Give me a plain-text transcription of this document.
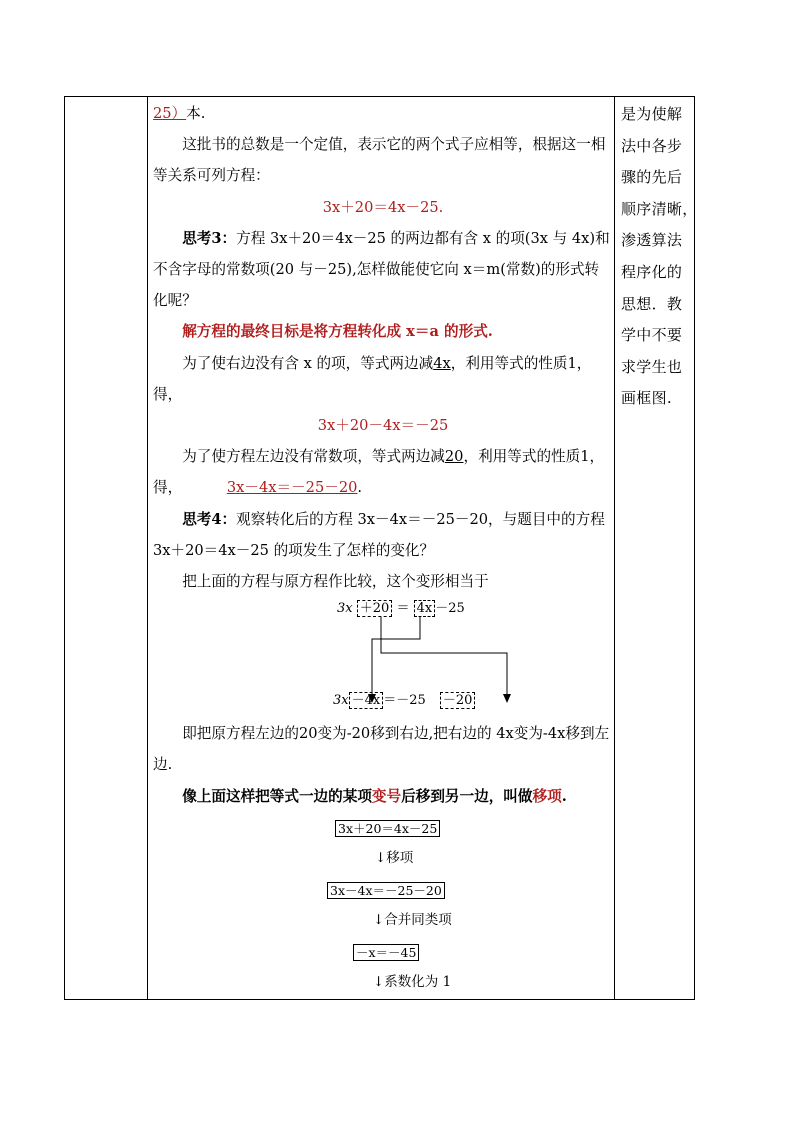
25）本.

这批书的总数是一个定值，表示它的两个式子应相等，根据这一相等关系可列方程：

3x＋20＝4x－25.

思考3：方程 3x＋20＝4x－25 的两边都有含 x 的项(3x 与 4x)和不含字母的常数项(20 与－25),怎样做能使它向 x＝m(常数)的形式转化呢？

解方程的最终目标是将方程转化成 x＝a 的形式.

为了使右边没有含 x 的项，等式两边减4x，利用等式的性质1，得，

3x＋20－4x＝－25

为了使方程左边没有常数项，等式两边减20，利用等式的性质1，得，	3x－4x＝－25－20.

思考4：观察转化后的方程 3x－4x＝－25－20，与题目中的方程 3x＋20＝4x－25 的项发生了怎样的变化？

把上面的方程与原方程作比较，这个变形相当于

3x ＋20 ＝ 4x －25
3x －4x ＝－25 －20

即把原方程左边的20变为-20移到右边,把右边的 4x变为-4x移到左边.

像上面这样把等式一边的某项变号后移到另一边，叫做移项.

3x＋20＝4x－25
↓移项
3x－4x＝－25－20
↓合并同类项
－x＝－45
↓系数化为 1
是为使解
法中各步
骤的先后
顺序清晰，
渗透算法
程序化的
思想．教
学中不要
求学生也
画框图.
